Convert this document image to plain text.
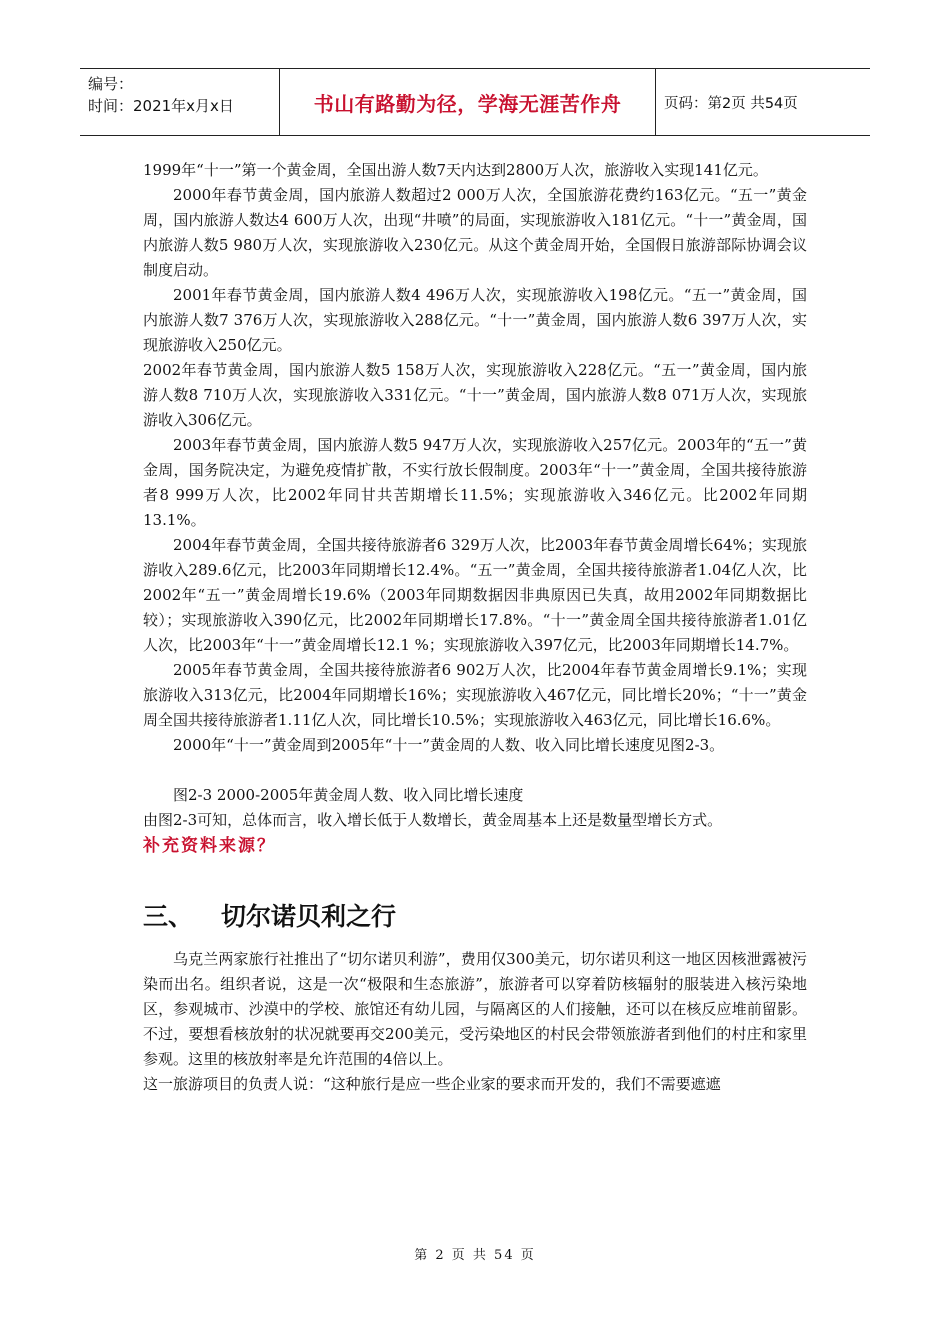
编号：
时间：2021年x月x日	书山有路勤为径，学海无涯苦作舟	页码：第2页 共54页

1999年“十一”第一个黄金周，全国出游人数7天内达到2800万人次，旅游收入实现141亿元。

2000年春节黄金周，国内旅游人数超过2 000万人次，全国旅游花费约163亿元。“五一”黄金周，国内旅游人数达4 600万人次，出现“井喷”的局面，实现旅游收入181亿元。“十一”黄金周，国内旅游人数5 980万人次，实现旅游收入230亿元。从这个黄金周开始，全国假日旅游部际协调会议制度启动。

2001年春节黄金周，国内旅游人数4 496万人次，实现旅游收入198亿元。“五一”黄金周，国内旅游人数7 376万人次，实现旅游收入288亿元。“十一”黄金周，国内旅游人数6 397万人次，实现旅游收入250亿元。

2002年春节黄金周，国内旅游人数5 158万人次，实现旅游收入228亿元。“五一”黄金周，国内旅游人数8 710万人次，实现旅游收入331亿元。“十一”黄金周，国内旅游人数8 071万人次，实现旅游收入306亿元。

2003年春节黄金周，国内旅游人数5 947万人次，实现旅游收入257亿元。2003年的“五一”黄金周，国务院决定，为避免疫情扩散，不实行放长假制度。2003年“十一”黄金周，全国共接待旅游者8 999万人次，比2002年同甘共苦期增长11.5%；实现旅游收入346亿元。比2002年同期13.1%。

2004年春节黄金周，全国共接待旅游者6 329万人次，比2003年春节黄金周增长64%；实现旅游收入289.6亿元，比2003年同期增长12.4%。“五一”黄金周，全国共接待旅游者1.04亿人次，比2002年“五一”黄金周增长19.6%（2003年同期数据因非典原因已失真，故用2002年同期数据比较）；实现旅游收入390亿元，比2002年同期增长17.8%。“十一”黄金周全国共接待旅游者1.01亿人次，比2003年“十一”黄金周增长12.1 %；实现旅游收入397亿元，比2003年同期增长14.7%。

2005年春节黄金周，全国共接待旅游者6 902万人次，比2004年春节黄金周增长9.1%；实现旅游收入313亿元，比2004年同期增长16%；实现旅游收入467亿元，同比增长20%；“十一”黄金周全国共接待旅游者1.11亿人次，同比增长10.5%；实现旅游收入463亿元，同比增长16.6%。

2000年“十一”黄金周到2005年“十一”黄金周的人数、收入同比增长速度见图2-3。

图2-3 2000-2005年黄金周人数、收入同比增长速度

由图2-3可知，总体而言，收入增长低于人数增长，黄金周基本上还是数量型增长方式。

补充资料来源？

三、	切尔诺贝利之行

乌克兰两家旅行社推出了“切尔诺贝利游”，费用仅300美元，切尔诺贝利这一地区因核泄露被污染而出名。组织者说，这是一次“极限和生态旅游”，旅游者可以穿着防核辐射的服装进入核污染地区，参观城市、沙漠中的学校、旅馆还有幼儿园，与隔离区的人们接触，还可以在核反应堆前留影。不过，要想看核放射的状况就要再交200美元，受污染地区的村民会带领旅游者到他们的村庄和家里参观。这里的核放射率是允许范围的4倍以上。

这一旅游项目的负责人说：“这种旅行是应一些企业家的要求而开发的，我们不需要遮遮

第 2 页 共 54 页
